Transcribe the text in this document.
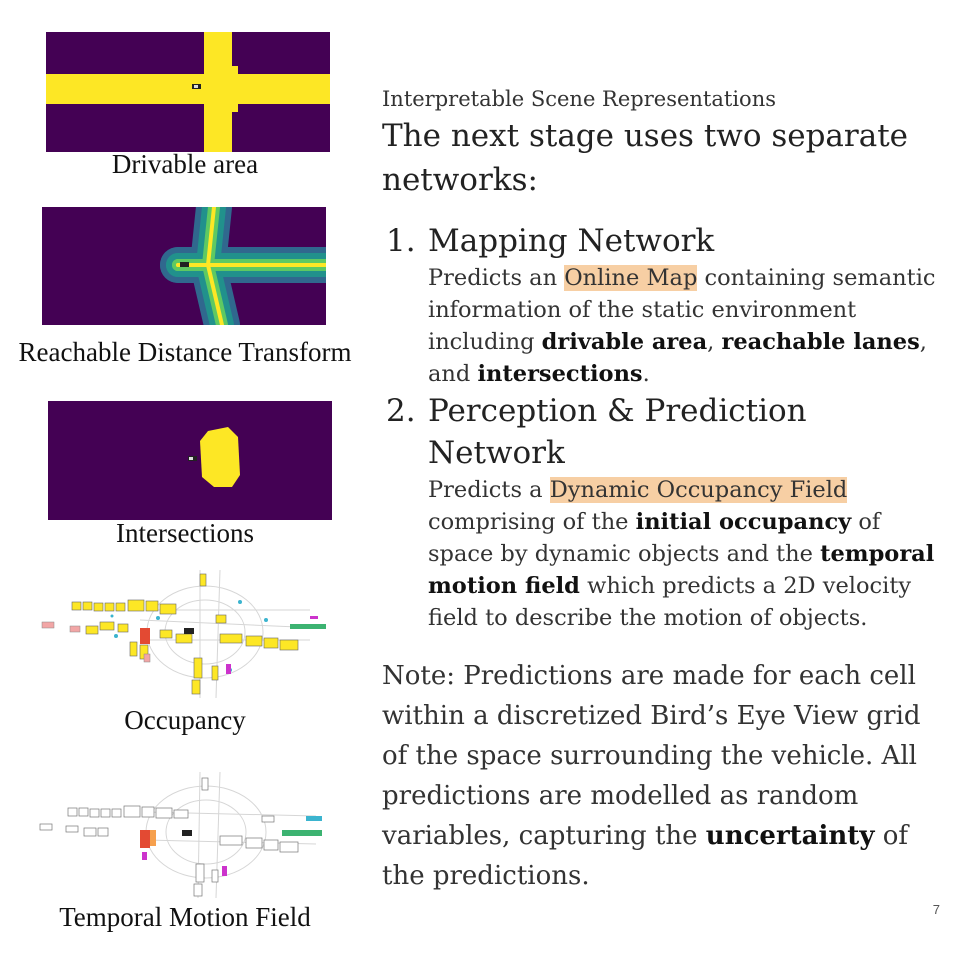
Drivable area
Reachable Distance Transform
Intersections
Occupancy
Temporal Motion Field
Interpretable Scene Representations
The next stage uses two separate networks:
1. Mapping Network
Predicts an Online Map containing semantic information of the static environment including drivable area, reachable lanes, and intersections.
2. Perception & Prediction Network
Predicts a Dynamic Occupancy Field comprising of the initial occupancy of space by dynamic objects and the temporal motion field which predicts a 2D velocity field to describe the motion of objects.
Note: Predictions are made for each cell within a discretized Bird’s Eye View grid of the space surrounding the vehicle. All predictions are modelled as random variables, capturing the uncertainty of the predictions.
7
